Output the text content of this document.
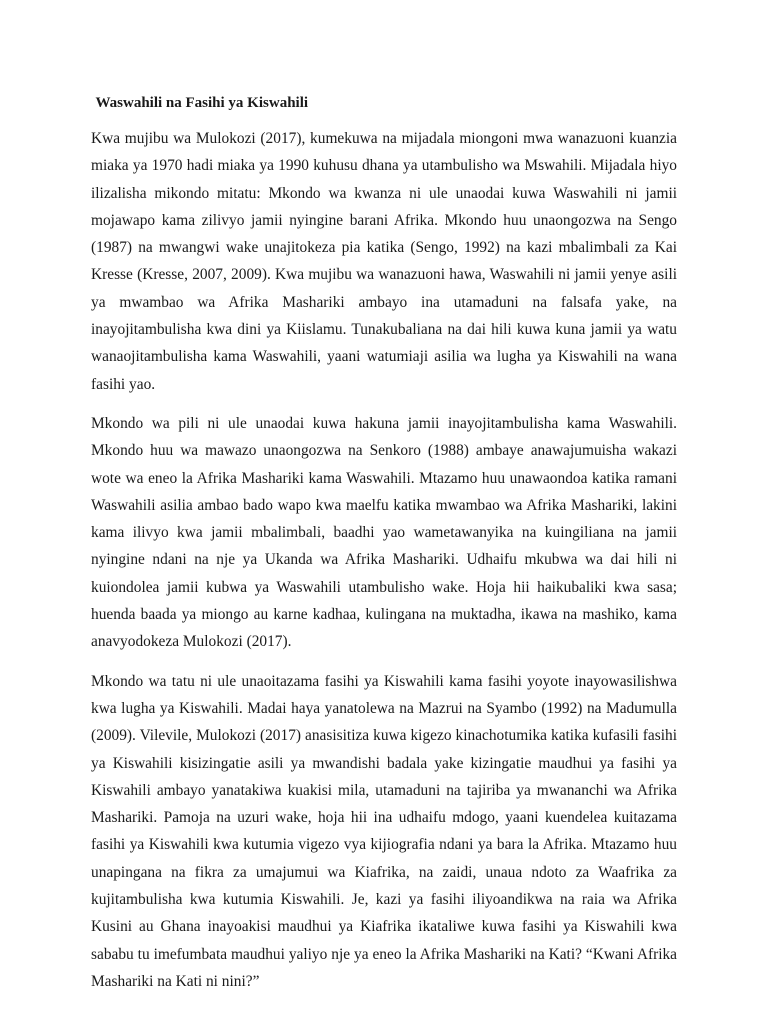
Waswahili na Fasihi ya Kiswahili

Kwa mujibu wa Mulokozi (2017), kumekuwa na mijadala miongoni mwa wanazuoni kuanzia miaka ya 1970 hadi miaka ya 1990 kuhusu dhana ya utambulisho wa Mswahili. Mijadala hiyo ilizalisha mikondo mitatu: Mkondo wa kwanza ni ule unaodai kuwa Waswahili ni jamii mojawapo kama zilivyo jamii nyingine barani Afrika. Mkondo huu unaongozwa na Sengo (1987) na mwangwi wake unajitokeza pia katika (Sengo, 1992) na kazi mbalimbali za Kai Kresse (Kresse, 2007, 2009). Kwa mujibu wa wanazuoni hawa, Waswahili ni jamii yenye asili ya mwambao wa Afrika Mashariki ambayo ina utamaduni na falsafa yake, na inayojitambulisha kwa dini ya Kiislamu. Tunakubaliana na dai hili kuwa kuna jamii ya watu wanaojitambulisha kama Waswahili, yaani watumiaji asilia wa lugha ya Kiswahili na wana fasihi yao.

Mkondo wa pili ni ule unaodai kuwa hakuna jamii inayojitambulisha kama Waswahili. Mkondo huu wa mawazo unaongozwa na Senkoro (1988) ambaye anawajumuisha wakazi wote wa eneo la Afrika Mashariki kama Waswahili. Mtazamo huu unawaondoa katika ramani Waswahili asilia ambao bado wapo kwa maelfu katika mwambao wa Afrika Mashariki, lakini kama ilivyo kwa jamii mbalimbali, baadhi yao wametawanyika na kuingiliana na jamii nyingine ndani na nje ya Ukanda wa Afrika Mashariki. Udhaifu mkubwa wa dai hili ni kuiondolea jamii kubwa ya Waswahili utambulisho wake. Hoja hii haikubaliki kwa sasa; huenda baada ya miongo au karne kadhaa, kulingana na muktadha, ikawa na mashiko, kama anavyodokeza Mulokozi (2017).

Mkondo wa tatu ni ule unaoitazama fasihi ya Kiswahili kama fasihi yoyote inayowasilishwa kwa lugha ya Kiswahili. Madai haya yanatolewa na Mazrui na Syambo (1992) na Madumulla (2009). Vilevile, Mulokozi (2017) anasisitiza kuwa kigezo kinachotumika katika kufasili fasihi ya Kiswahili kisizingatie asili ya mwandishi badala yake kizingatie maudhui ya fasihi ya Kiswahili ambayo yanatakiwa kuakisi mila, utamaduni na tajiriba ya mwananchi wa Afrika Mashariki. Pamoja na uzuri wake, hoja hii ina udhaifu mdogo, yaani kuendelea kuitazama fasihi ya Kiswahili kwa kutumia vigezo vya kijiografia ndani ya bara la Afrika. Mtazamo huu unapingana na fikra za umajumui wa Kiafrika, na zaidi, unaua ndoto za Waafrika za kujitambulisha kwa kutumia Kiswahili. Je, kazi ya fasihi iliyoandikwa na raia wa Afrika Kusini au Ghana inayoakisi maudhui ya Kiafrika ikataliwe kuwa fasihi ya Kiswahili kwa sababu tu imefumbata maudhui yaliyo nje ya eneo la Afrika Mashariki na Kati? “Kwani Afrika Mashariki na Kati ni nini?”
